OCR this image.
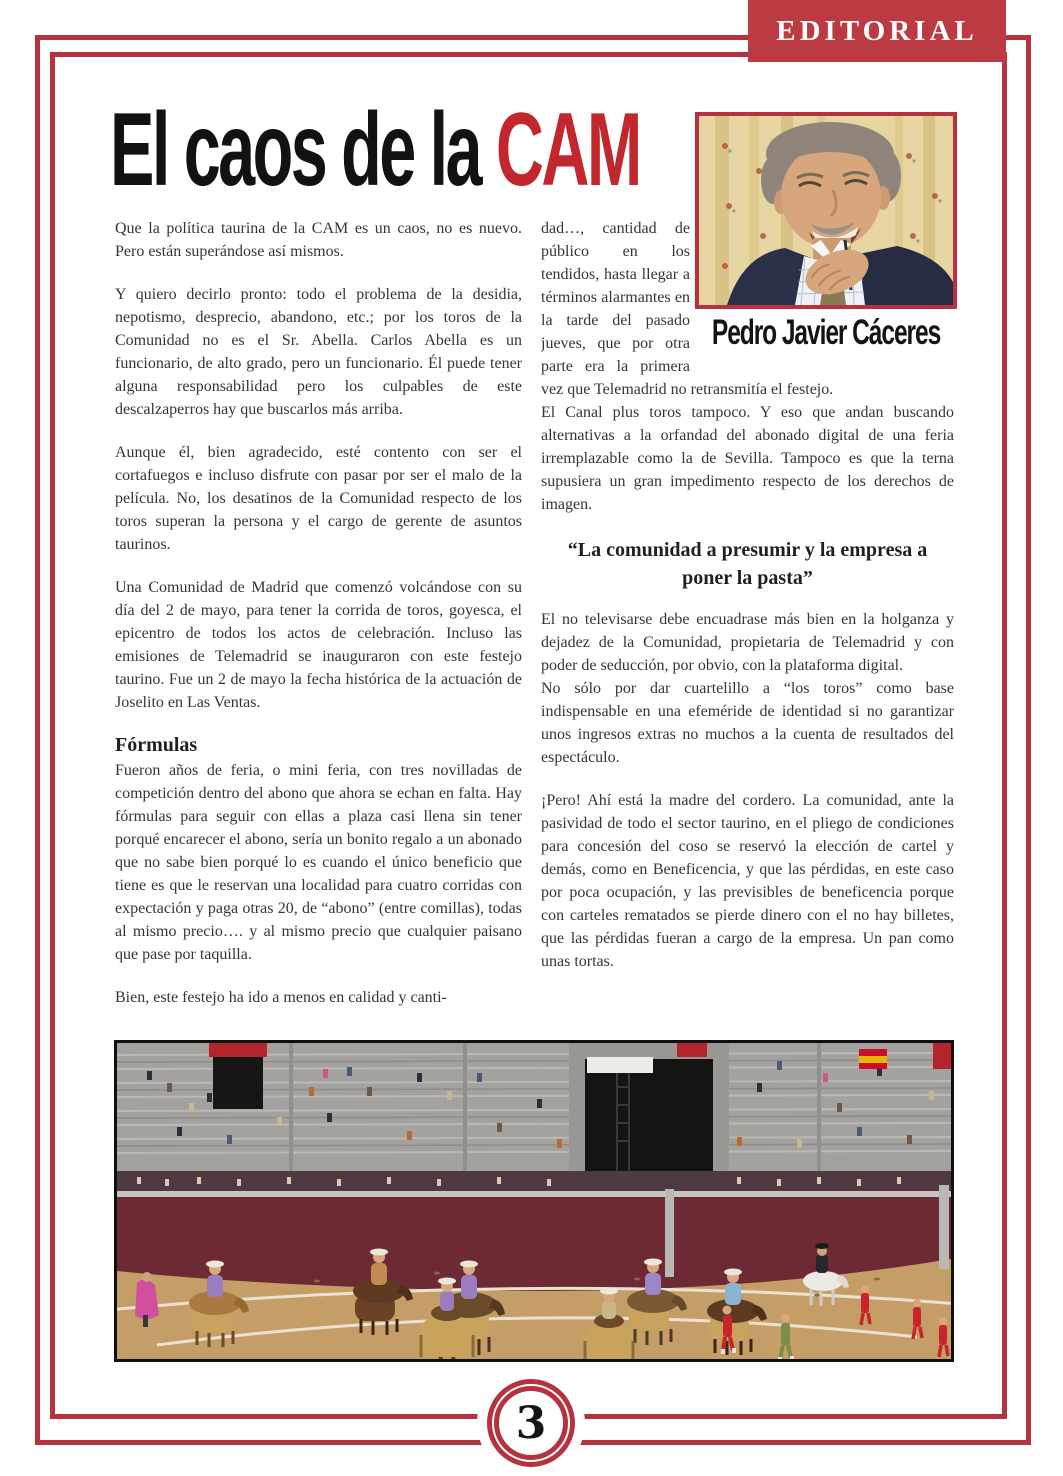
EDITORIAL
El caos de la CAM
Pedro Javier Cáceres

Que la política taurina de la CAM es un caos, no es nuevo. Pero están superándose así mismos.

Y quiero decirlo pronto: todo el problema de la desidia, nepotismo, desprecio, abandono, etc.; por los toros de la Comunidad no es el Sr. Abella. Carlos Abella es un funcionario, de alto grado, pero un funcionario. Él puede tener alguna responsabilidad pero los culpables de este descalzaperros hay que buscarlos más arriba.

Aunque él, bien agradecido, esté contento con ser el cortafuegos e incluso disfrute con pasar por ser el malo de la película. No, los desatinos de la Comunidad respecto de los toros superan la persona y el cargo de gerente de asuntos taurinos.

Una Comunidad de Madrid que comenzó volcándose con su día del 2 de mayo, para tener la corrida de toros, goyesca, el epicentro de todos los actos de celebración. Incluso las emisiones de Telemadrid se inauguraron con este festejo taurino. Fue un 2 de mayo la fecha histórica de la actuación de Joselito en Las Ventas.

Fórmulas

Fueron años de feria, o mini feria, con tres novilladas de competición dentro del abono que ahora se echan en falta. Hay fórmulas para seguir con ellas a plaza casi llena sin tener porqué encarecer el abono, sería un bonito regalo a un abonado que no sabe bien porqué lo es cuando el único beneficio que tiene es que le reservan una localidad para cuatro corridas con expectación y paga otras 20, de “abono” (entre comillas), todas al mismo precio…. y al mismo precio que cualquier paisano que pase por taquilla.

Bien, este festejo ha ido a menos en calidad y canti-

dad…, cantidad de público en los tendidos, hasta llegar a términos alarmantes en la tarde del pasado jueves, que por otra parte era la primera vez que Telemadrid no retransmitía el festejo.

El Canal plus toros tampoco. Y eso que andan buscando alternativas a la orfandad del abonado digital de una feria irremplazable como la de Sevilla. Tampoco es que la terna supusiera un gran impedimento respecto de los derechos de imagen.

“La comunidad a presumir y la empresa a poner la pasta”

El no televisarse debe encuadrase más bien en la holganza y dejadez de la Comunidad, propietaria de Telemadrid y con poder de seducción, por obvio, con la plataforma digital.

No sólo por dar cuartelillo a “los toros” como base indispensable en una efeméride de identidad si no garantizar unos ingresos extras no muchos a la cuenta de resultados del espectáculo.

¡Pero! Ahí está la madre del cordero. La comunidad, ante la pasividad de todo el sector taurino, en el pliego de condiciones para concesión del coso se reservó la elección de cartel y demás, como en Beneficencia, y que las pérdidas, en este caso por poca ocupación, y las previsibles de beneficencia porque con carteles rematados se pierde dinero con el no hay billetes, que las pérdidas fueran a cargo de la empresa. Un pan como unas tortas.

3
